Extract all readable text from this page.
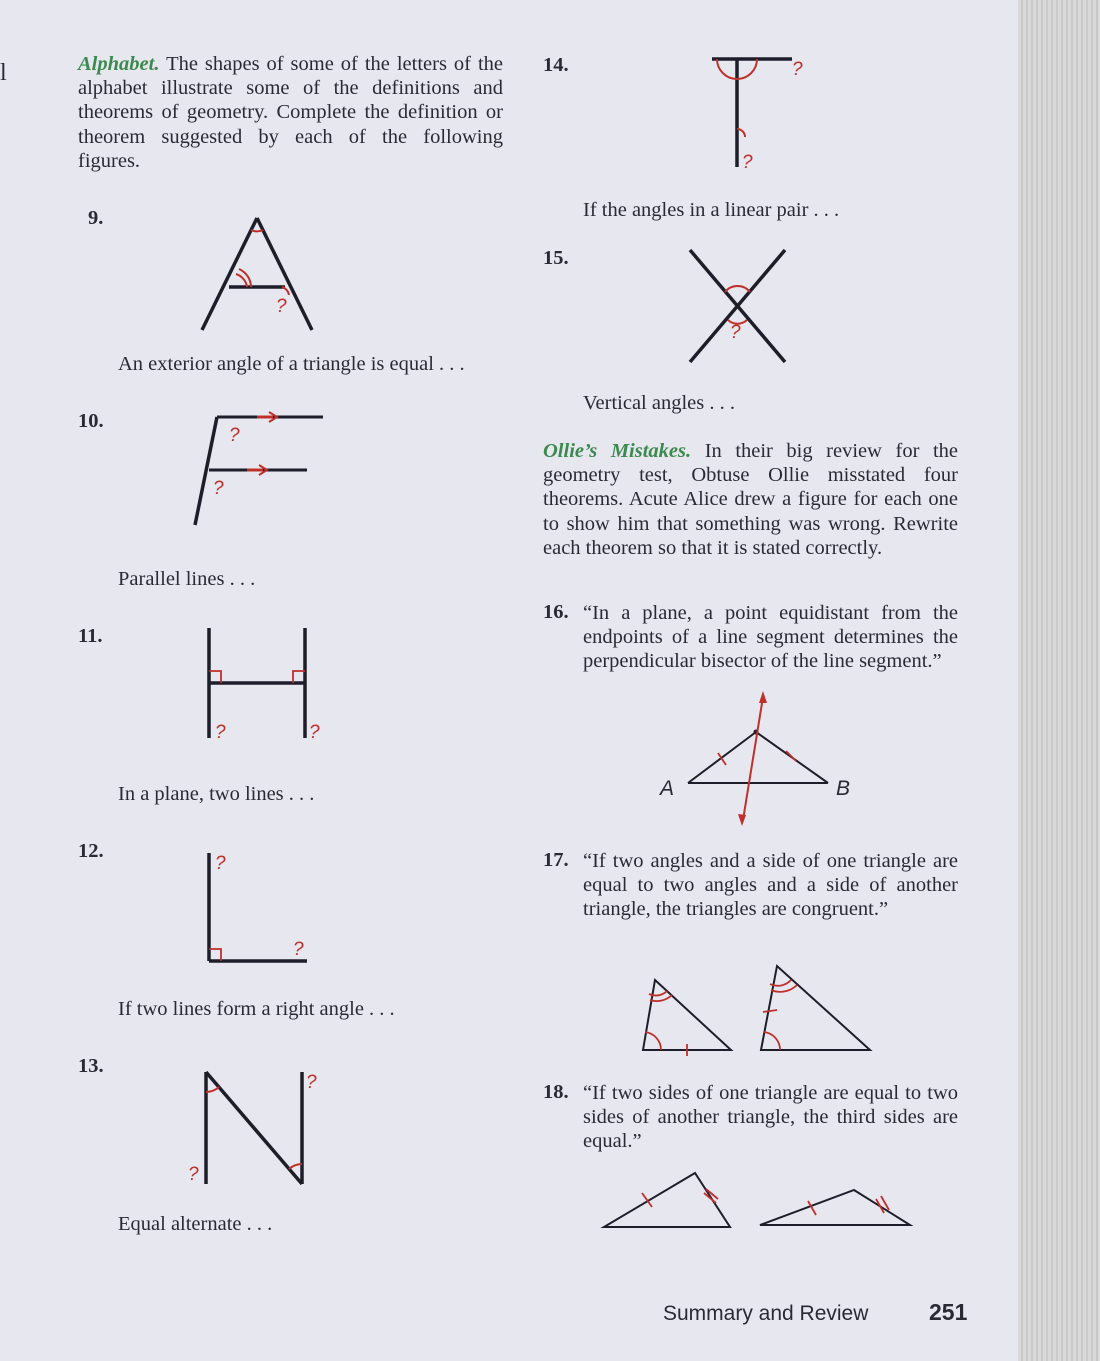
l	Alphabet. The shapes of some of the letters of the alphabet illustrate some of the definitions and theorems of geometry. Complete the definition or theorem suggested by each of the following figures.

9.
?
An exterior angle of a triangle is equal . . .
10.
?
?
Parallel lines . . .
11.
?	?
In a plane, two lines . . .
12.
?
?
If two lines form a right angle . . .
13.
?
?
Equal alternate . . .
14.	?
?
If the angles in a linear pair . . .
15.
?
Vertical angles . . .

Ollie’s Mistakes. In their big review for the geometry test, Obtuse Ollie misstated four theorems. Acute Alice drew a figure for each one to show him that something was wrong. Rewrite each theorem so that it is stated correctly.

16. “In a plane, a point equidistant from the endpoints of a line segment determines the perpendicular bisector of the line segment.”

A	B
17. “If two angles and a side of one triangle are equal to two angles and a side of another triangle, the triangles are congruent.”

18. “If two sides of one triangle are equal to two sides of another triangle, the third sides are equal.”

Summary and Review	251
